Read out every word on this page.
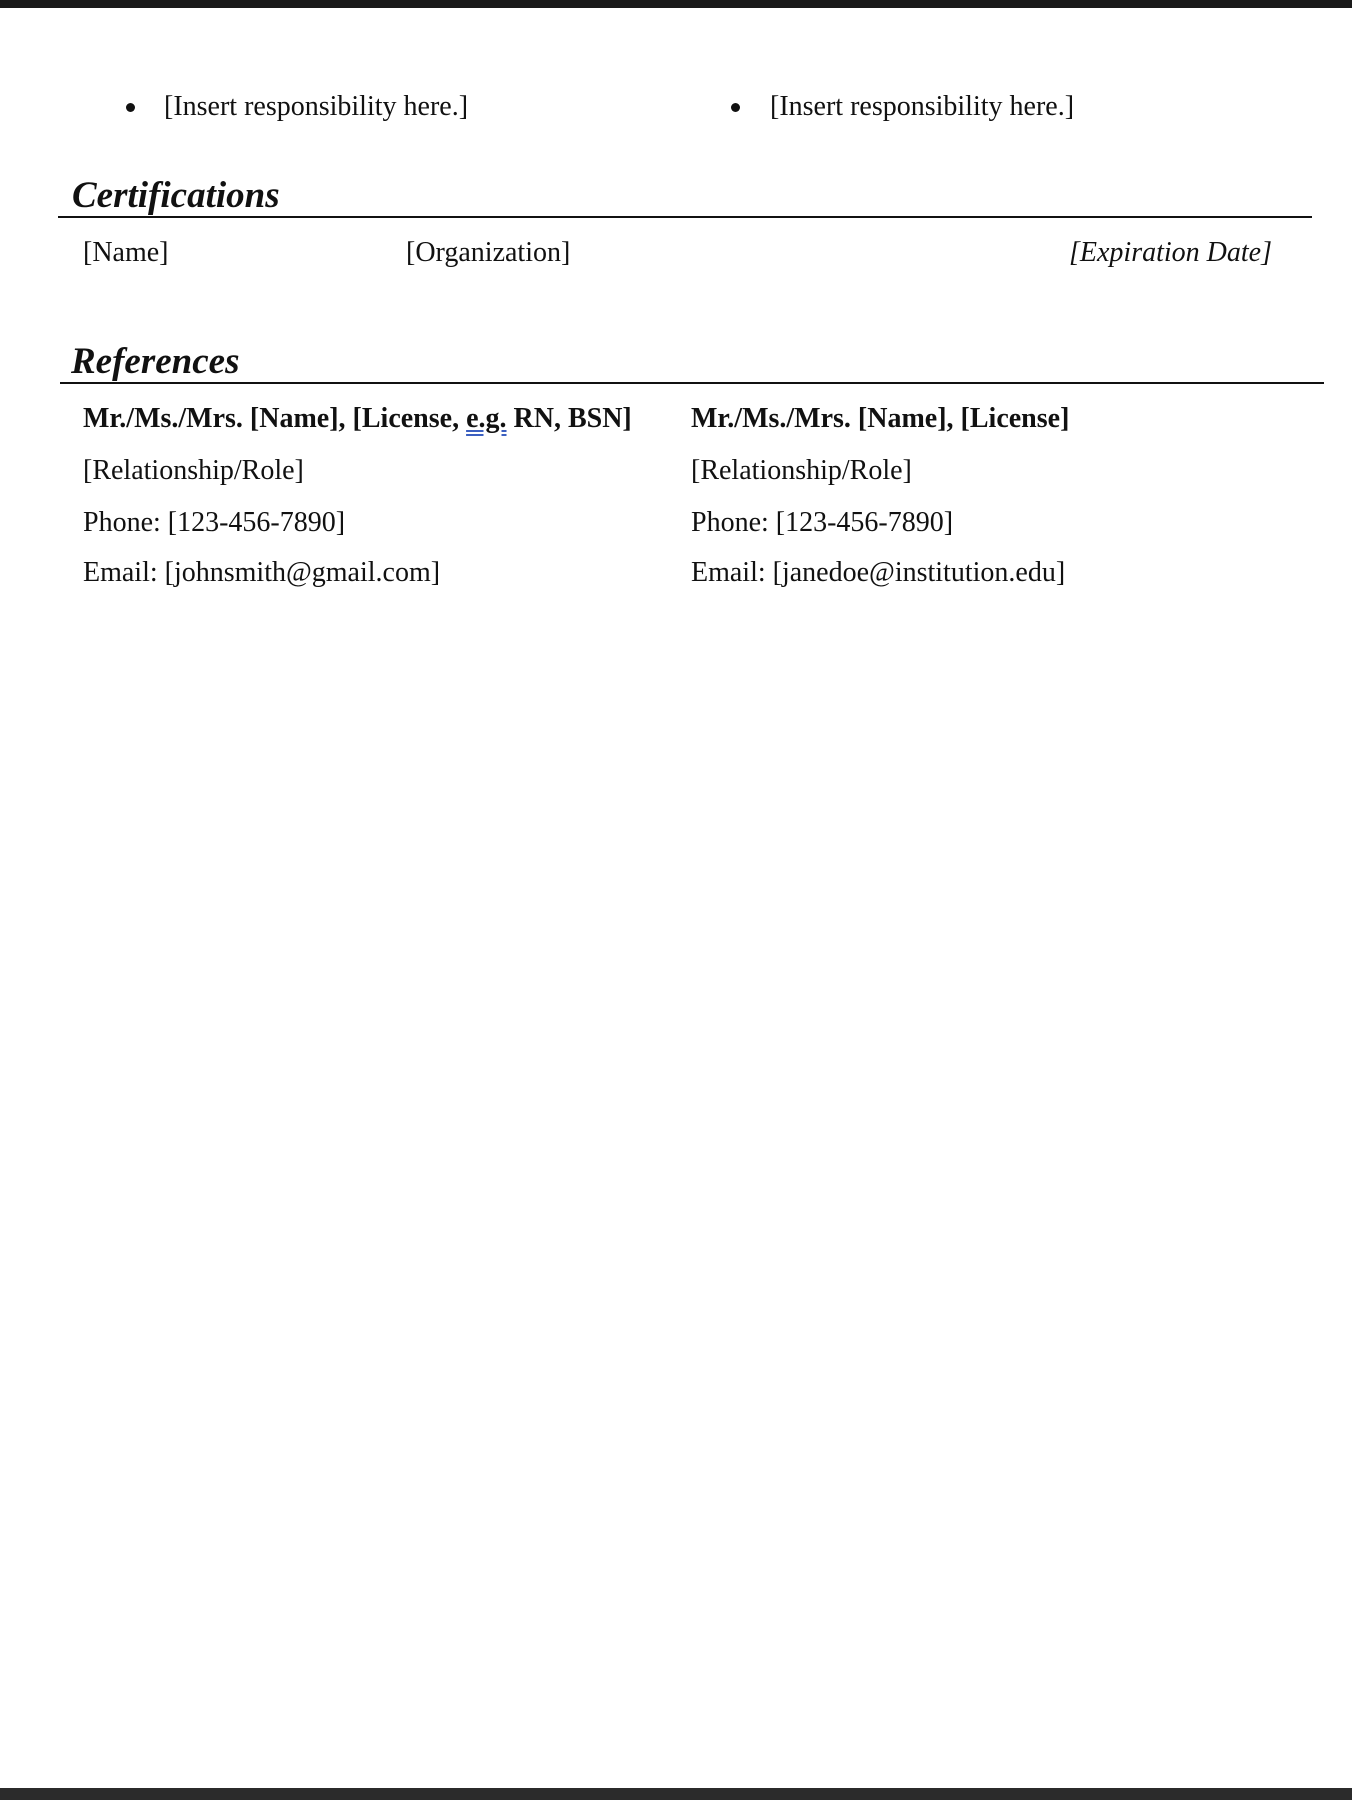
[Insert responsibility here.]	[Insert responsibility here.]
Certifications
[Name]	[Organization]	[Expiration Date]
References
Mr./Ms./Mrs. [Name], [License, e.g. RN, BSN]
[Relationship/Role]
Phone: [123-456-7890]
Email: [johnsmith@gmail.com]
Mr./Ms./Mrs. [Name], [License]
[Relationship/Role]
Phone: [123-456-7890]
Email: [janedoe@institution.edu]
